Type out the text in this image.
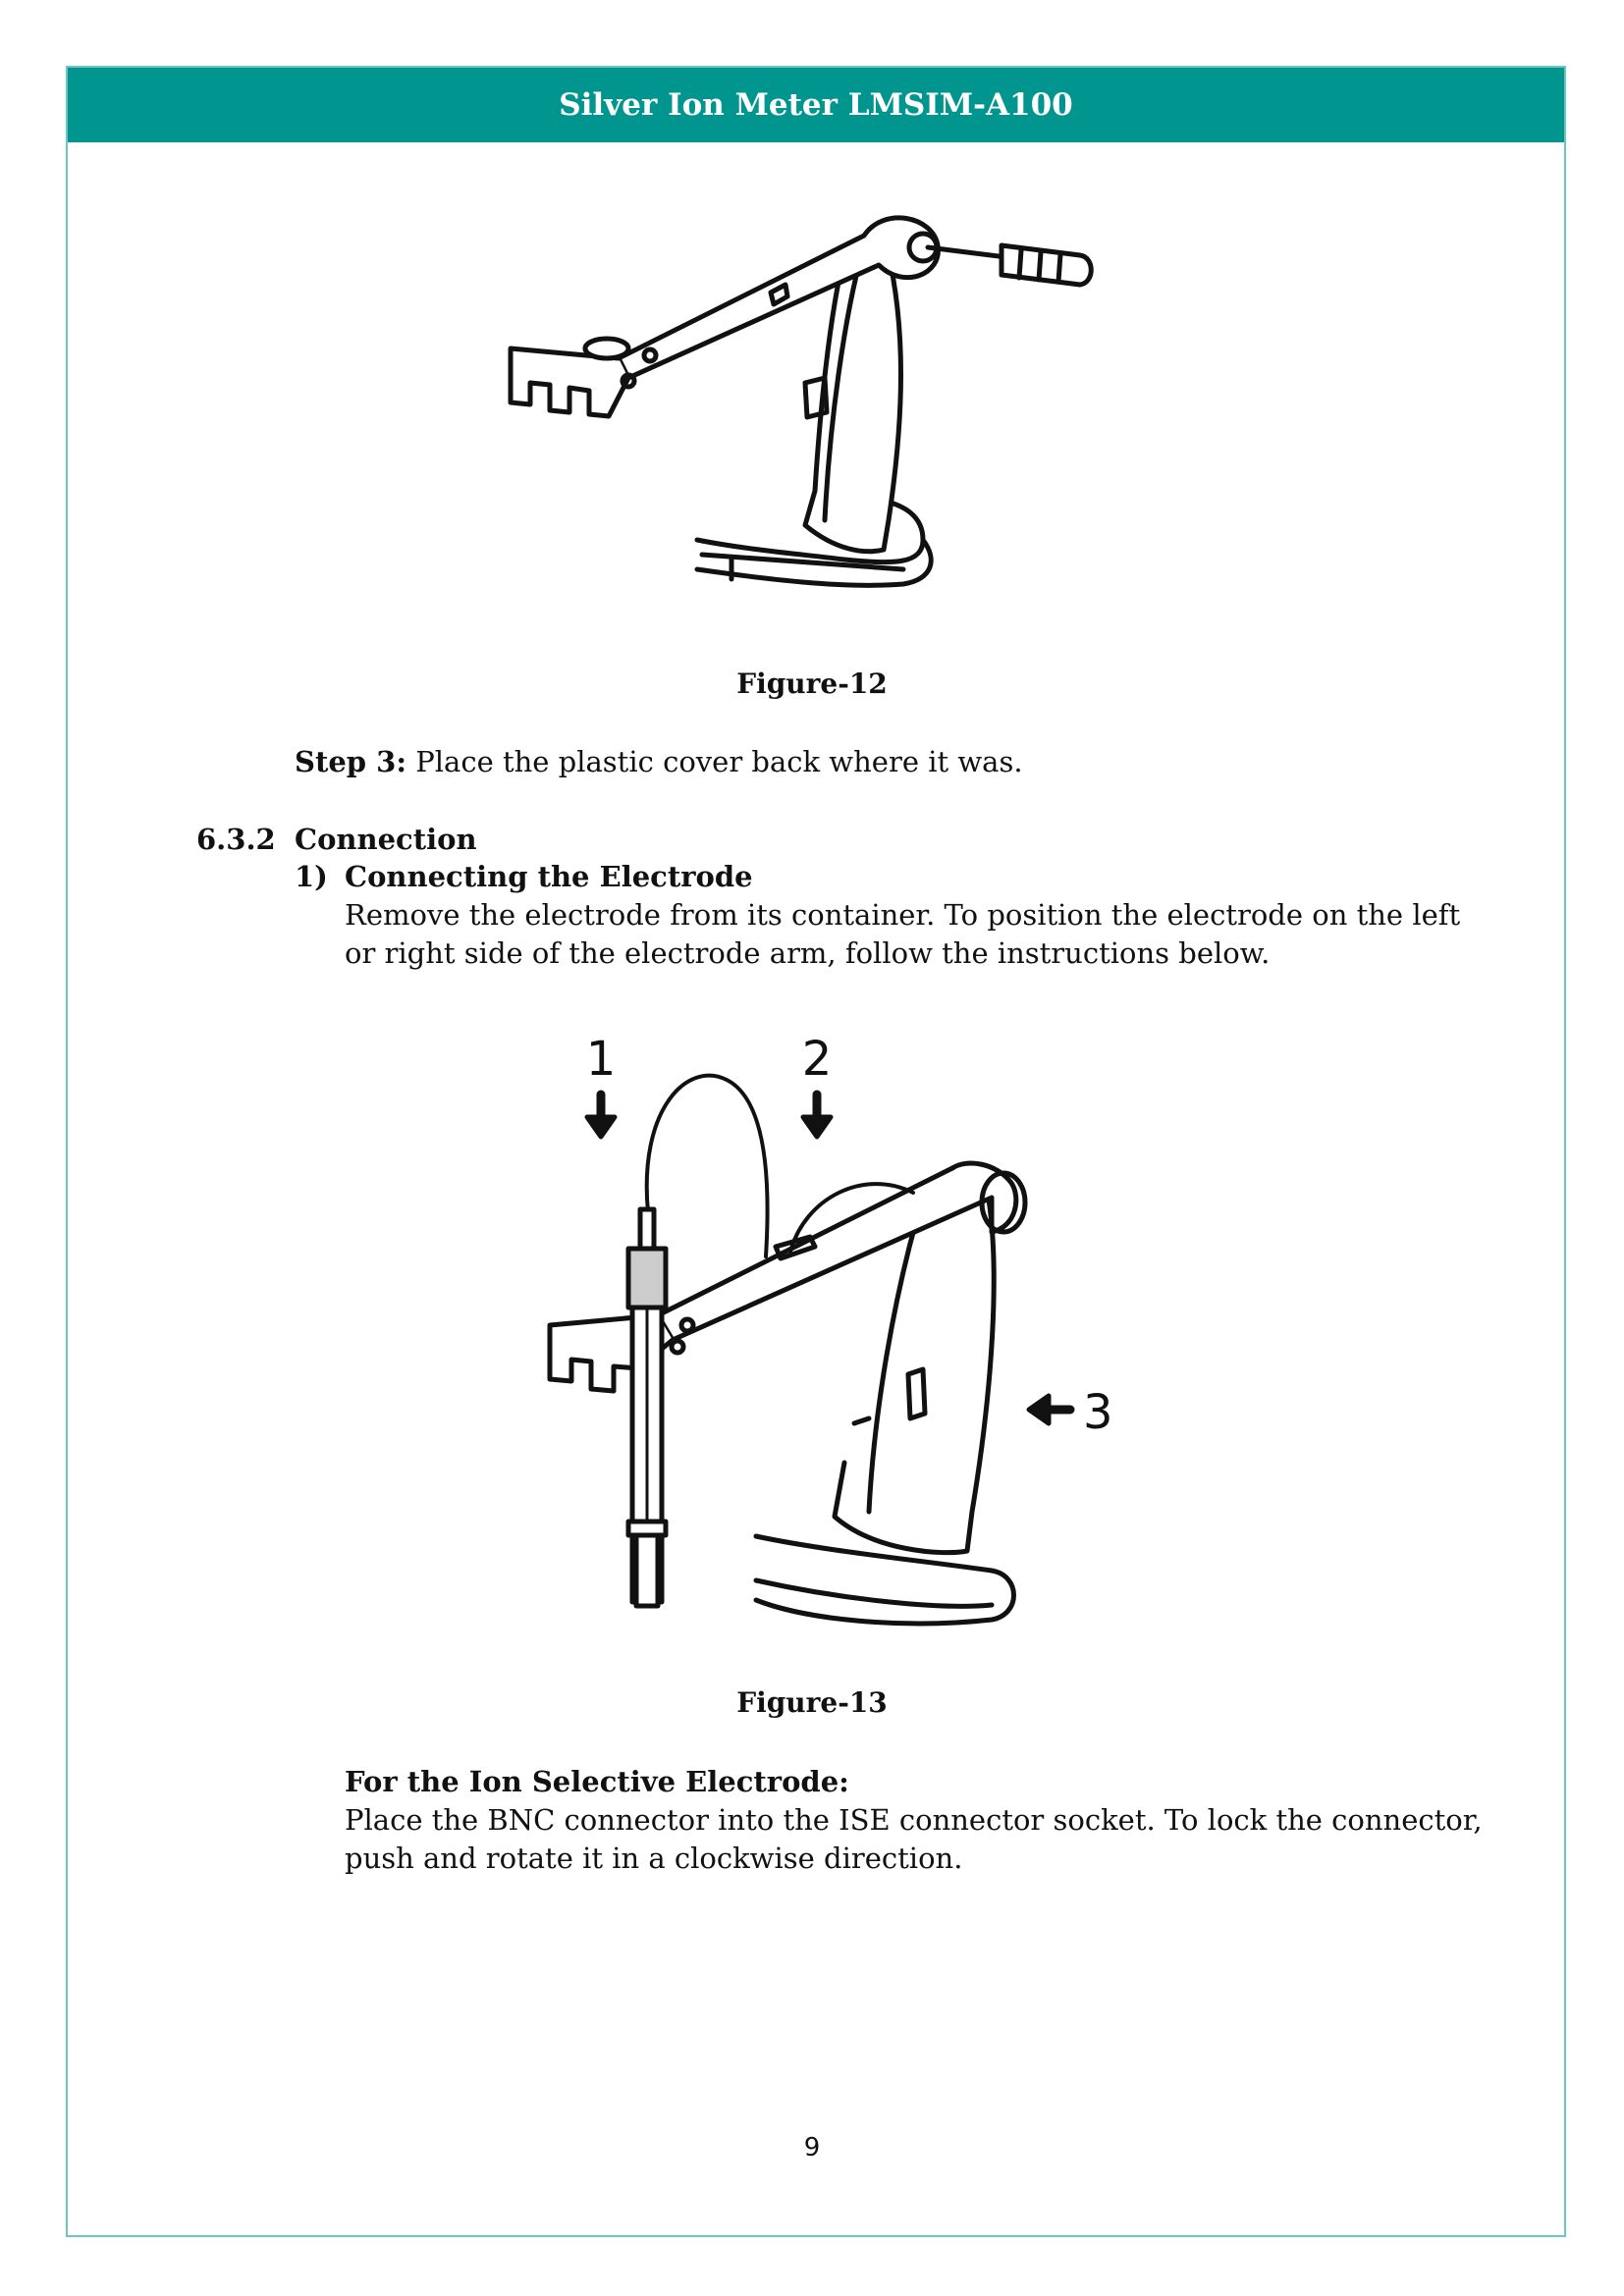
Silver Ion Meter LMSIM-A100
Figure-12
Step 3: Place the plastic cover back where it was.
6.3.2 Connection
1) Connecting the Electrode
Remove the electrode from its container. To position the electrode on the left
or right side of the electrode arm, follow the instructions below.
1	2
3
Figure-13
For the Ion Selective Electrode:
Place the BNC connector into the ISE connector socket. To lock the connector,
push and rotate it in a clockwise direction.
9
